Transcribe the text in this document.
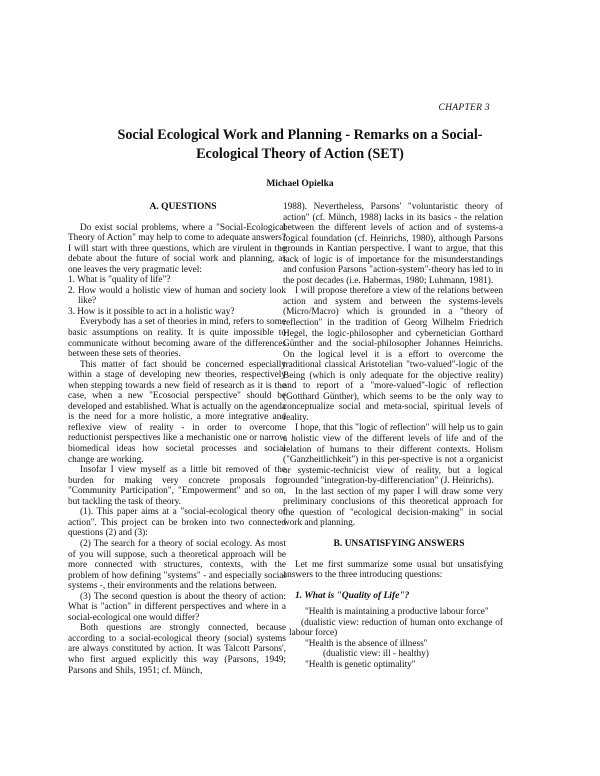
CHAPTER 3
Social Ecological Work and Planning - Remarks on a Social-
Ecological Theory of Action (SET)
Michael Opielka

A. QUESTIONS

Do exist social problems, where a "Social-Ecological Theory of Action" may help to come to adequate answers? I will start with three questions, which are virulent in the debate about the future of social work and planning, as one leaves the very pragmatic level:

1. What is "quality of life"?
2. How would a holistic view of human and society look like?
3. How is it possible to act in a holistic way?

Everybody has a set of theories in mind, refers to some basic assumptions on reality. It is quite impossible to communicate without becoming aware of the differences between these sets of theories.

This matter of fact should be concerned especially within a stage of developing new theories, respectively when stepping towards a new field of research as it is the case, when a new "Ecosocial perspective" should be developed and established. What is actually on the agenda is the need for a more holistic, a more integrative and reflexive view of reality - in order to overcome reductionist perspectives like a mechanistic one or narrow biomedical ideas how societal processes and social change are working.

Insofar I view myself as a little bit removed of the burden for making very concrete proposals for "Community Participation", "Empowerment" and so on, but tackling the task of theory.

(1). This paper aims at a "social-ecological theory of action". This project can be broken into two connected questions (2) and (3):

(2) The search for a theory of social ecology. As most of you will suppose, such a theoretical approach will be more connected with structures, contexts, with the problem of how defining "systems" - and especially social systems -, their environments and the relations between.

(3) The second question is about the theory of action: What is "action" in different perspectives and where in a social-ecological one would differ?

Both questions are strongly connected, because according to a social-ecological theory (social) systems are always constituted by action. It was Talcott Parsons', who first argued explicitly this way (Parsons, 1949; Parsons and Shils, 1951; cf. Münch,

1988). Nevertheless, Parsons' "voluntaristic theory of action" (cf. Münch, 1988) lacks in its basics - the relation between the different levels of action and of systems-a logical foundation (cf. Heinrichs, 1980), although Parsons grounds in Kantian perspective. I want to argue, that this lack of logic is of importance for the misunderstandings and confusion Parsons "action-system"-theory has led to in the post decades (i.e. Habermas, 1980; Luhmann, 1981).

I will propose therefore a view of the relations between action and system and between the systems-levels (Micro/Macro) which is grounded in a "theory of reflection" in the tradition of Georg Wilhelm Friedrich Hegel, the logic-philosopher and cybernetician Gotthard Günther and the social-philosopher Johannes Heinrichs. On the logical level it is a effort to overcome the traditional classical Aristotelian "two-valued"-logic of the Being (which is only adequate for the objective reality) and to report of a "more-valued"-logic of reflection (Gotthard Günther), which seems to be the only way to conceptualize social and meta-social, spiritual levels of reality.

I hope, that this "logic of reflection" will help us to gain a holistic view of the different levels of life and of the relation of humans to their different contexts. Holism ("Ganzheitlichkeit") in this per-spective is not a organicist or systemic-technicist view of reality, but a logical grounded "integration-by-differenciation" (J. Heinrichs).

In the last section of my paper I will draw some very preliminary conclusions of this theoretical approach for the question of "ecological decision-making" in social work and planning.

B. UNSATISFYING ANSWERS

Let me first summarize some usual but unsatisfying answers to the three introducing questions:

1. What is "Quality of Life"?

"Health is maintaining a productive labour force"

(dualistic view: reduction of human onto exchange of labour force)

"Health is the absence of illness"

(dualistic view: ill - healthy)

"Health is genetic optimality"
